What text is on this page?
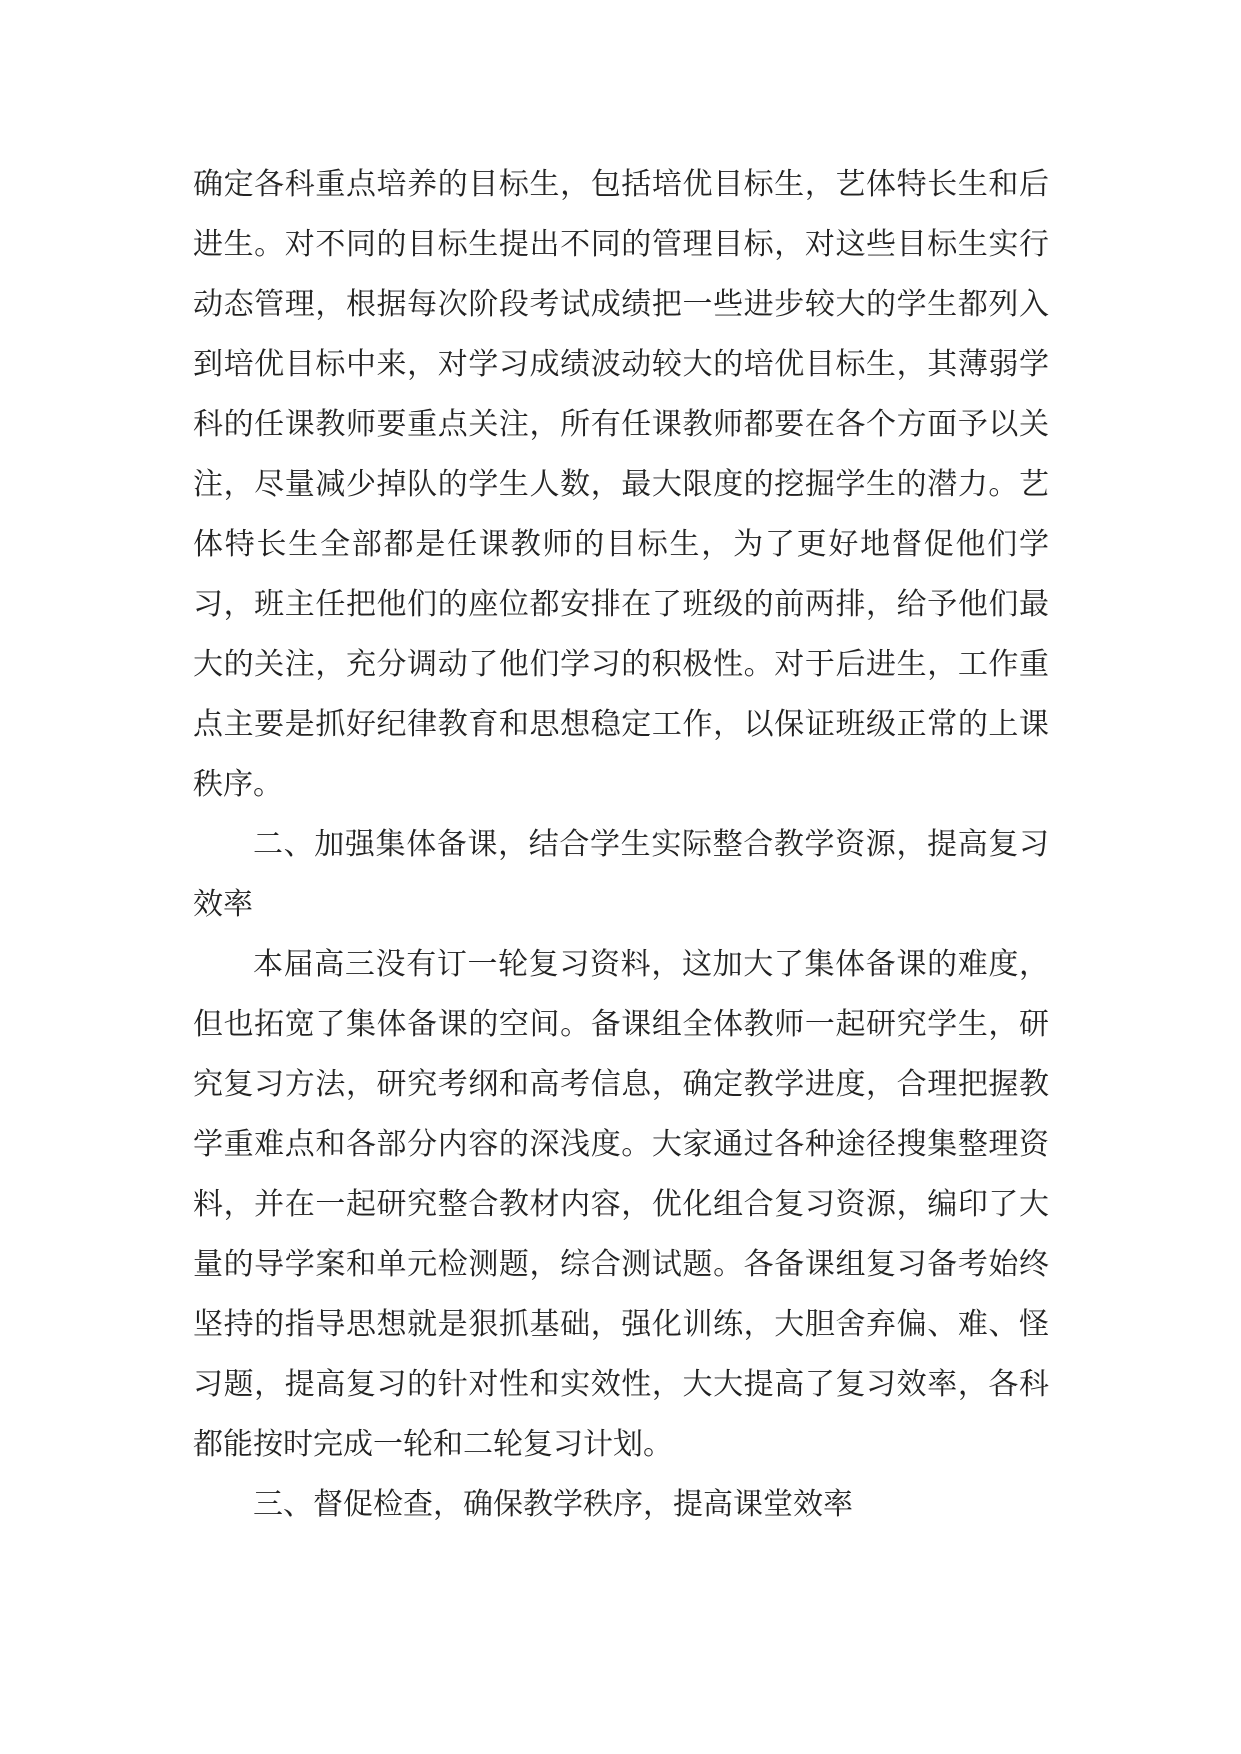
确定各科重点培养的目标生，包括培优目标生，艺体特长生和后进生。对不同的目标生提出不同的管理目标，对这些目标生实行动态管理，根据每次阶段考试成绩把一些进步较大的学生都列入到培优目标中来，对学习成绩波动较大的培优目标生，其薄弱学科的任课教师要重点关注，所有任课教师都要在各个方面予以关注，尽量减少掉队的学生人数，最大限度的挖掘学生的潜力。艺体特长生全部都是任课教师的目标生，为了更好地督促他们学习，班主任把他们的座位都安排在了班级的前两排，给予他们最大的关注，充分调动了他们学习的积极性。对于后进生，工作重点主要是抓好纪律教育和思想稳定工作，以保证班级正常的上课秩序。

二、加强集体备课，结合学生实际整合教学资源，提高复习效率

本届高三没有订一轮复习资料，这加大了集体备课的难度，但也拓宽了集体备课的空间。备课组全体教师一起研究学生，研究复习方法，研究考纲和高考信息，确定教学进度，合理把握教学重难点和各部分内容的深浅度。大家通过各种途径搜集整理资料，并在一起研究整合教材内容，优化组合复习资源，编印了大量的导学案和单元检测题，综合测试题。各备课组复习备考始终坚持的指导思想就是狠抓基础，强化训练，大胆舍弃偏、难、怪习题，提高复习的针对性和实效性，大大提高了复习效率，各科都能按时完成一轮和二轮复习计划。

三、督促检查，确保教学秩序，提高课堂效率
